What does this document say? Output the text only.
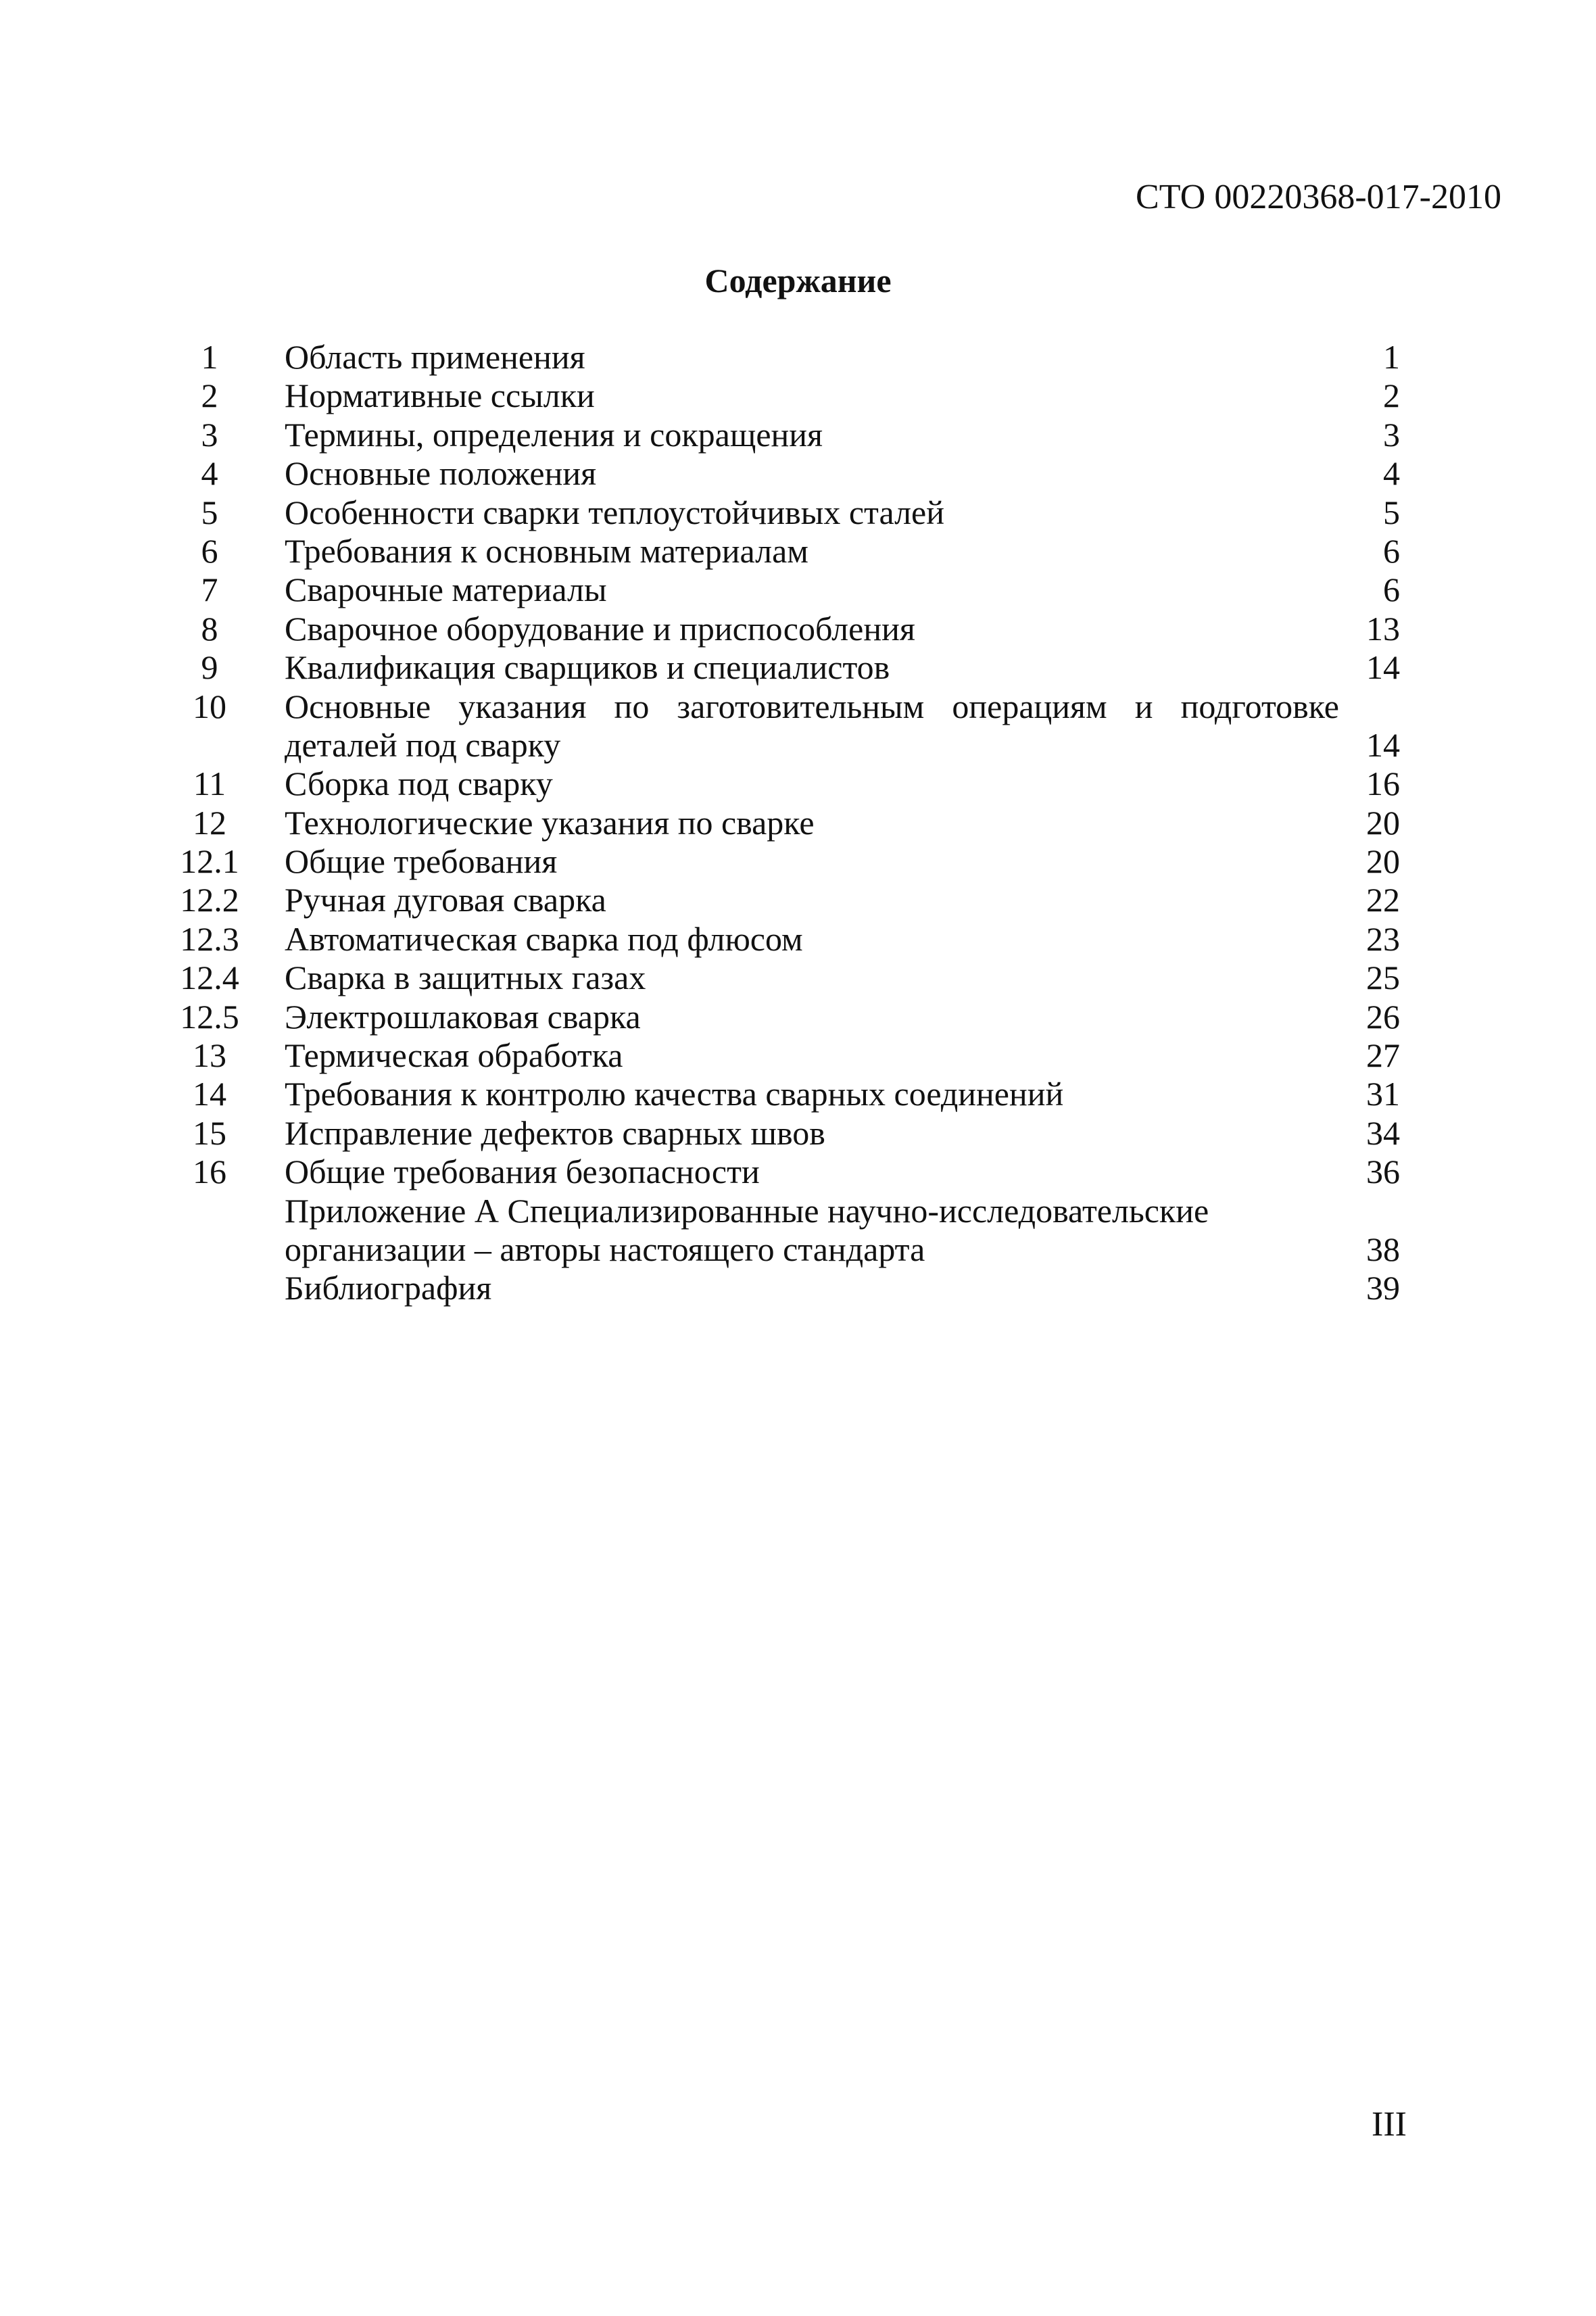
СТО 00220368-017-2010
Содержание
1	Область применения	1
2	Нормативные ссылки	2
3	Термины, определения и сокращения	3
4	Основные положения	4
5	Особенности сварки теплоустойчивых сталей	5
6	Требования к основным материалам	6
7	Сварочные материалы	6
8	Сварочное оборудование и приспособления	13
9	Квалификация сварщиков и специалистов	14
10	Основные указания по заготовительным операциям и подготовке
деталей под сварку	14
11	Сборка под сварку	16
12	Технологические указания по сварке	20
12.1	Общие требования	20
12.2	Ручная дуговая сварка	22
12.3	Автоматическая сварка под флюсом	23
12.4	Сварка в защитных газах	25
12.5	Электрошлаковая сварка	26
13	Термическая обработка	27
14	Требования к контролю качества сварных соединений	31
15	Исправление дефектов сварных швов	34
16	Общие требования безопасности	36
Приложение А Специализированные научно-исследовательские
организации – авторы настоящего стандарта	38
Библиография	39
III
